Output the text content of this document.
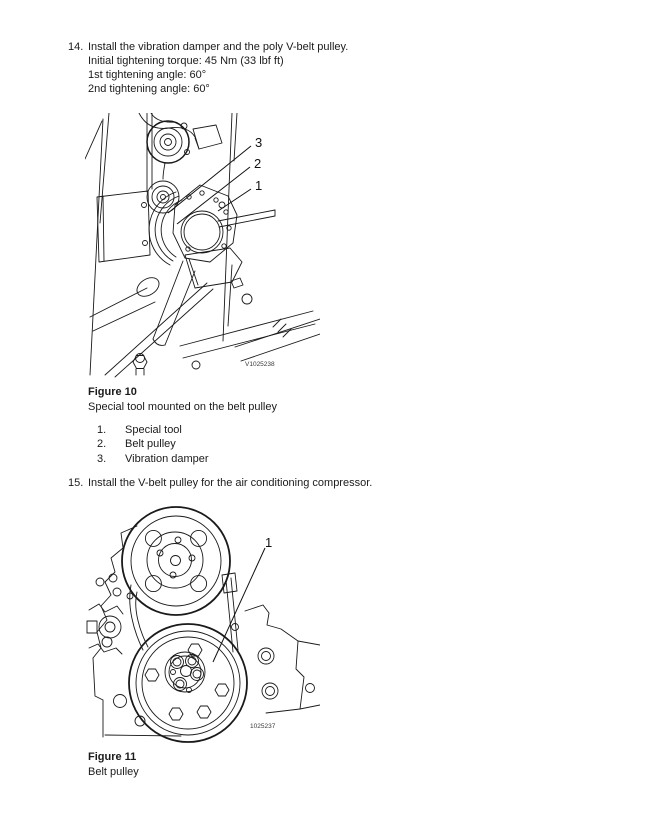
14. Install the vibration damper and the poly V-belt pulley.
Initial tightening torque: 45 Nm (33 lbf ft)
1st tightening angle: 60°
2nd tightening angle: 60°
3
2
1
V1025238
Figure 10
Special tool mounted on the belt pulley
1.	Special tool
2.	Belt pulley
3.	Vibration damper
15. Install the V-belt pulley for the air conditioning compressor.
1
1025237
Figure 11
Belt pulley
